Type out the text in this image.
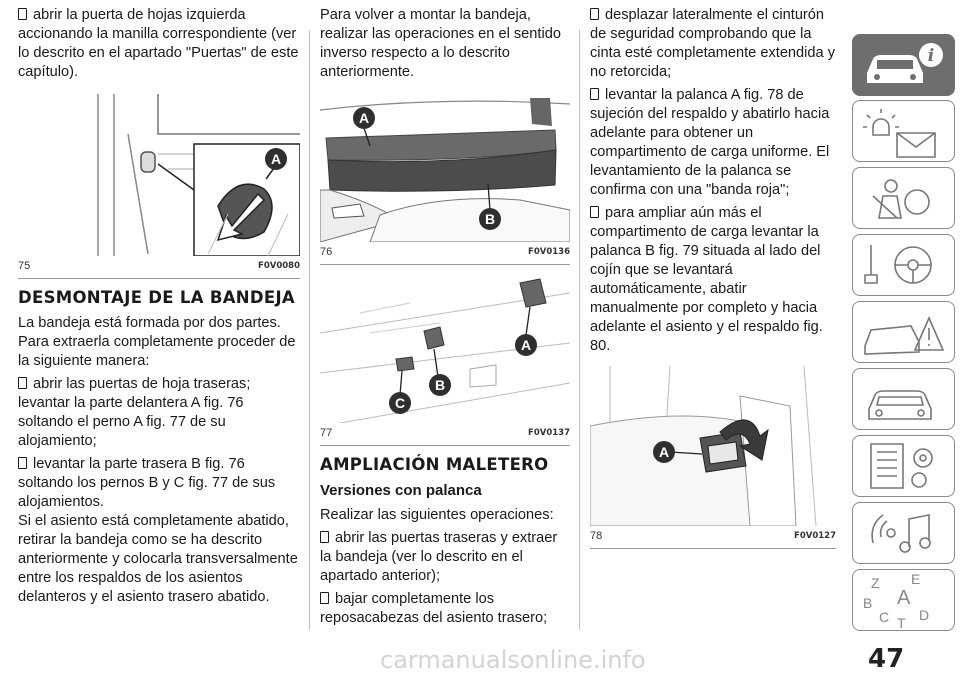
abrir la puerta de hojas izquierda accionando la manilla correspondiente (ver lo descrito en el apartado "Puertas" de este capítulo).

A
75	F0V0080
DESMONTAJE DE LA BANDEJA

La bandeja está formada por dos partes. Para extraerla completamente proceder de la siguiente manera:

abrir las puertas de hoja traseras; levantar la parte delantera A fig. 76 soltando el perno A fig. 77 de su alojamiento;

levantar la parte trasera B fig. 76 soltando los pernos B y C fig. 77 de sus alojamientos.

Si el asiento está completamente abatido, retirar la bandeja como se ha descrito anteriormente y colocarla transversalmente entre los respaldos de los asientos delanteros y el asiento trasero abatido.

Para volver a montar la bandeja, realizar las operaciones en el sentido inverso respecto a lo descrito anteriormente.

A
B
76	F0V0136
A
B
C
77	F0V0137
AMPLIACIÓN MALETERO
Versiones con palanca

Realizar las siguientes operaciones:

abrir las puertas traseras y extraer la bandeja (ver lo descrito en el apartado anterior);

bajar completamente los reposacabezas del asiento trasero;

desplazar lateralmente el cinturón de seguridad comprobando que la cinta esté completamente extendida y no retorcida;

levantar la palanca A fig. 78 de sujeción del respaldo y abatirlo hacia adelante para obtener un compartimento de carga uniforme. El levantamiento de la palanca se confirma con una "banda roja";

para ampliar aún más el compartimento de carga levantar la palanca B fig. 79 situada al lado del cojín que se levantará automáticamente, abatir manualmente por completo y hacia adelante el asiento y el respaldo fig. 80.

A
78	F0V0127
i
Z E
B A
C T D
47
carmanualsonline.info
